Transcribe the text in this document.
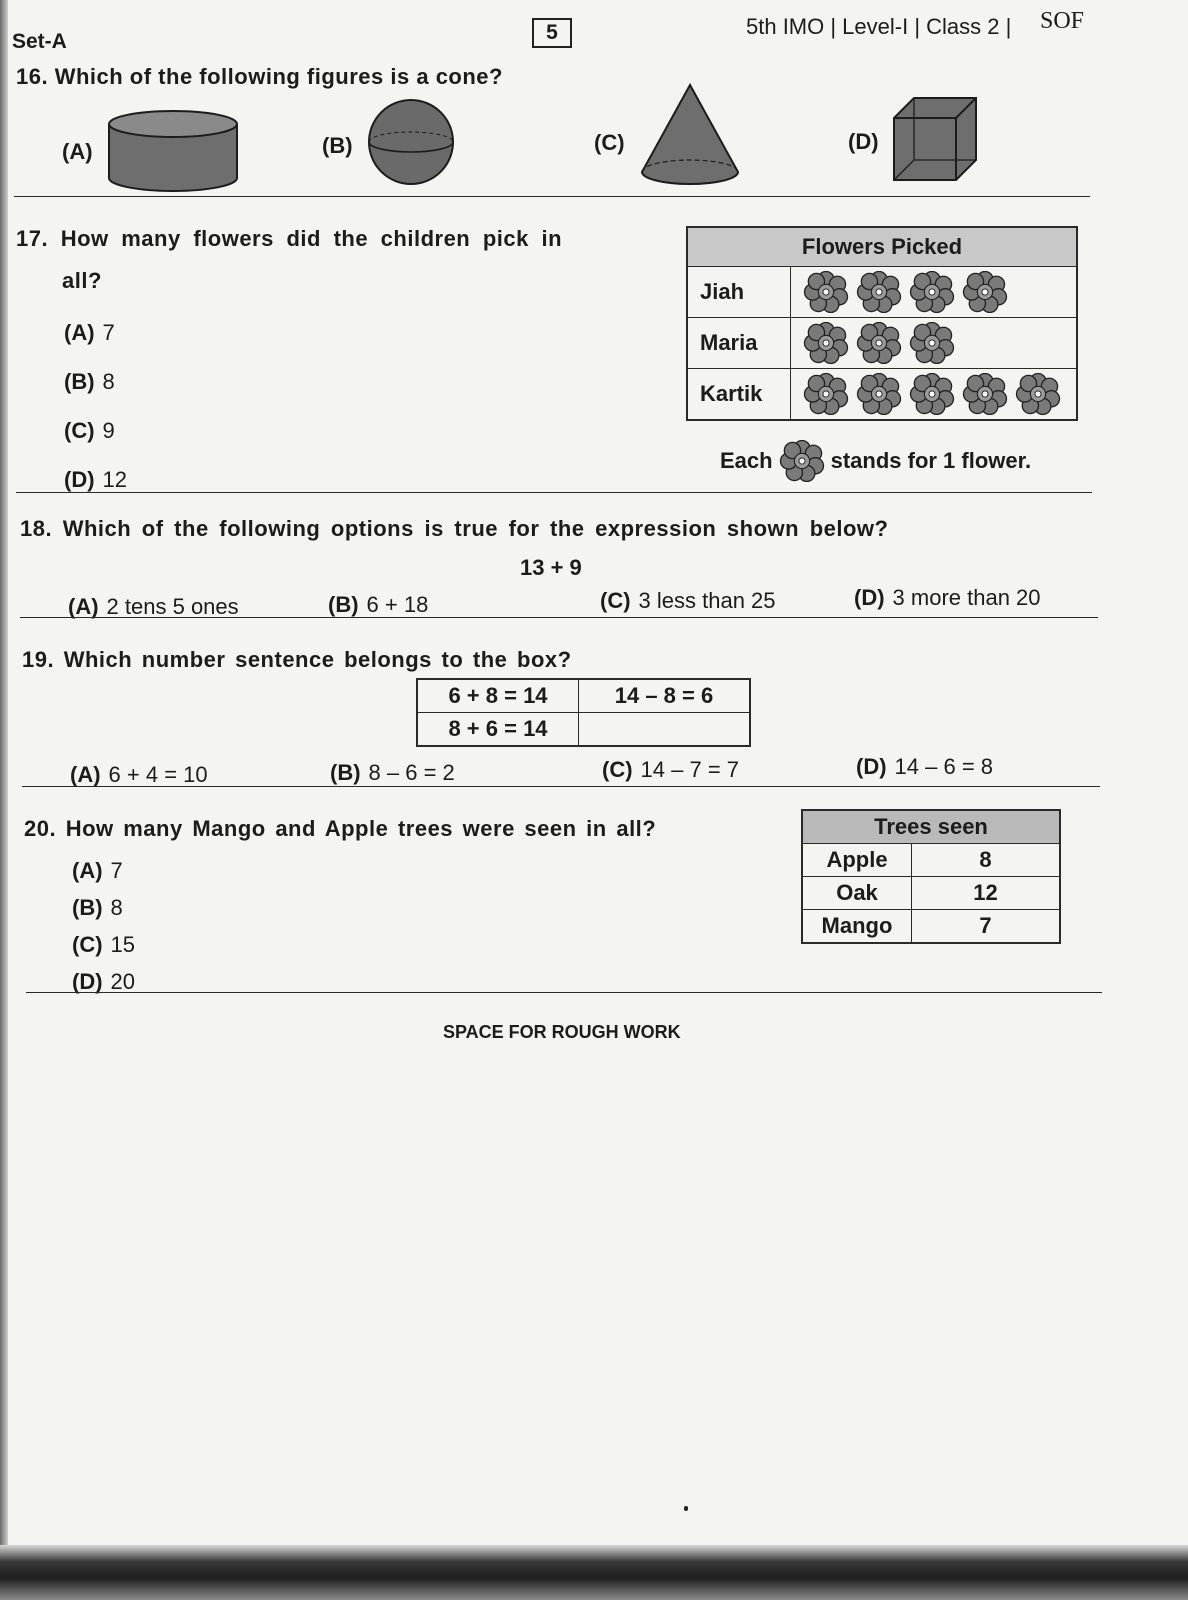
Set-A	5	5th IMO | Level-I | Class 2 | SOF
16. Which of the following figures is a cone?
(A)	(B)	(C)	(D)
17. How many flowers did the children pick in
all?
(A) 7
(B) 8
(C) 9
(D) 12
Flowers Picked	
Jiah	

Maria	

Kartik	
Each	stands for 1 flower.
18. Which of the following options is true for the expression shown below?
13 + 9
(A) 2 tens 5 ones	(B) 6 + 18	(C) 3 less than 25	(D) 3 more than 20
19. Which number sentence belongs to the box?
6 + 8 = 14	14 – 8 = 6
8 + 6 = 14	
(A) 6 + 4 = 10	(B) 8 – 6 = 2	(C) 14 – 7 = 7	(D) 14 – 6 = 8
20. How many Mango and Apple trees were seen in all?
(A) 7
(B) 8
(C) 15
(D) 20
Trees seen	
Apple	8
Oak	12
Mango	7
SPACE FOR ROUGH WORK
